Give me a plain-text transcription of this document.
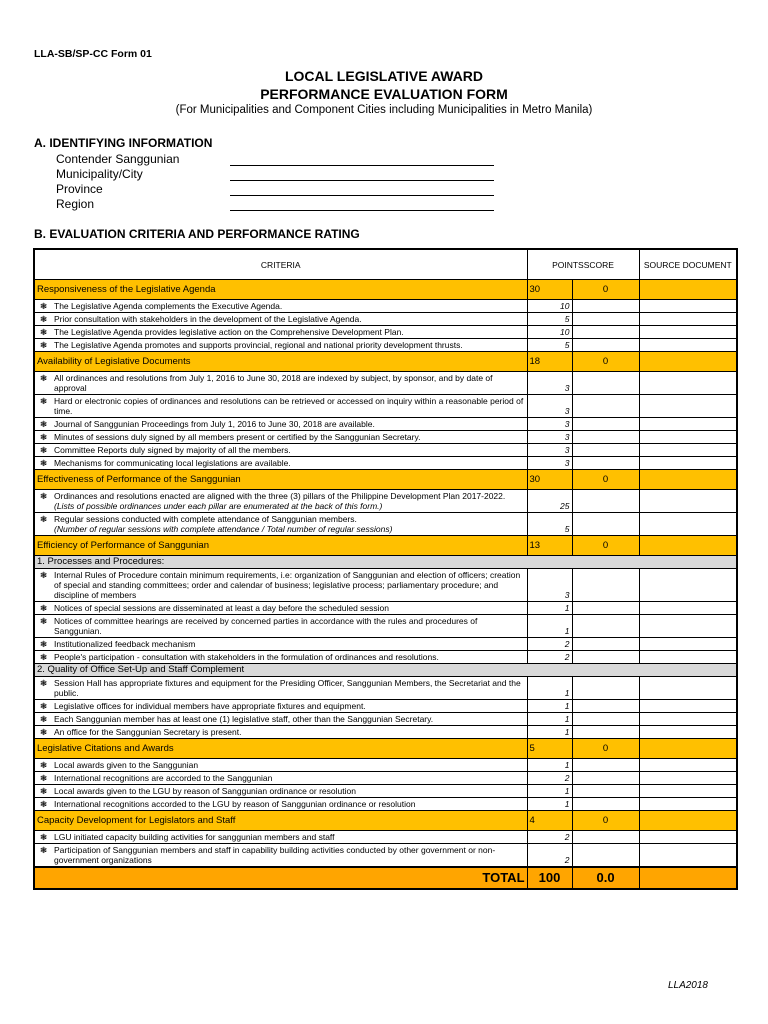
LLA-SB/SP-CC Form 01
LOCAL LEGISLATIVE AWARD
PERFORMANCE EVALUATION FORM
(For Municipalities and Component Cities including Municipalities in Metro Manila)
A. IDENTIFYING INFORMATION
Contender Sanggunian
Municipality/City
Province
Region
B. EVALUATION CRITERIA AND PERFORMANCE RATING
CRITERIA		POINTSSCORE		SOURCE DOCUMENT
Responsiveness of the Legislative Agenda		30	0	
❃	The Legislative Agenda complements the Executive Agenda.	10		
❃	Prior consultation with stakeholders in the development of the Legislative Agenda.	5		
❃	The Legislative Agenda provides legislative action on the Comprehensive Development Plan.	10		
❃	The Legislative Agenda promotes and supports provincial, regional and national priority development thrusts.	5		
Availability of Legislative Documents		18	0	
❃	All ordinances and resolutions from July 1, 2016 to June 30, 2018 are indexed by subject, by sponsor, and by date of approval	3		
❃	Hard or electronic copies of ordinances and resolutions can be retrieved or accessed on inquiry within a reasonable period of time.	3		
❃	Journal of Sanggunian Proceedings from July 1, 2016 to June 30, 2018 are available.	3		
❃	Minutes of sessions duly signed by all members present or certified by the Sanggunian Secretary.	3		
❃	Committee Reports duly signed by majority of all the members.	3		
❃	Mechanisms for communicating local legislations are available.	3		
Effectiveness of Performance of the Sanggunian		30	0	
❃	Ordinances and resolutions enacted are aligned with the three (3) pillars of the Philippine Development Plan 2017-2022.
(Lists of possible ordinances under each pillar are enumerated at the back of this form.)	25		
❃	Regular sessions conducted with complete attendance of Sanggunian members.
(Number of regular sessions with complete attendance / Total number of regular sessions)	5		
Efficiency of Performance of Sanggunian		13	0	
1. Processes and Procedures:				
❃	Internal Rules of Procedure contain minimum requirements, i.e: organization of Sanggunian and election of officers; creation of special and standing committees; order and calendar of business; legislative process; parliamentary procedure; and discipline of members	3		
❃	Notices of special sessions are disseminated at least a day before the scheduled session	1		
❃	Notices of committee hearings are received by concerned parties in accordance with the rules and procedures of Sanggunian.	1		
❃	Institutionalized feedback mechanism	2		
❃	People's participation - consultation with stakeholders in the formulation of ordinances and resolutions.	2		
2. Quality of Office Set-Up and Staff Complement				
❃	Session Hall has appropriate fixtures and equipment for the Presiding Officer, Sanggunian Members, the Secretariat and the public.	1		
❃	Legislative offices for individual members have appropriate fixtures and equipment.	1		
❃	Each Sanggunian member has at least one (1) legislative staff, other than the Sanggunian Secretary.	1		
❃	An office for the Sanggunian Secretary is present.	1		
Legislative Citations and Awards		5	0	
❃	Local awards given to the Sanggunian	1		
❃	International recognitions are accorded to the Sanggunian	2		
❃	Local awards given to the LGU by reason of Sanggunian ordinance or resolution	1		
❃	International recognitions accorded to the LGU by reason of Sanggunian ordinance or resolution	1		
Capacity Development for Legislators and Staff		4	0	
❃	LGU initiated capacity building activities for sanggunian members and staff	2		
❃	Participation of Sanggunian members and staff in capability building activities conducted by other government or non-government organizations	2		
TOTAL		100	0.0	
LLA2018
